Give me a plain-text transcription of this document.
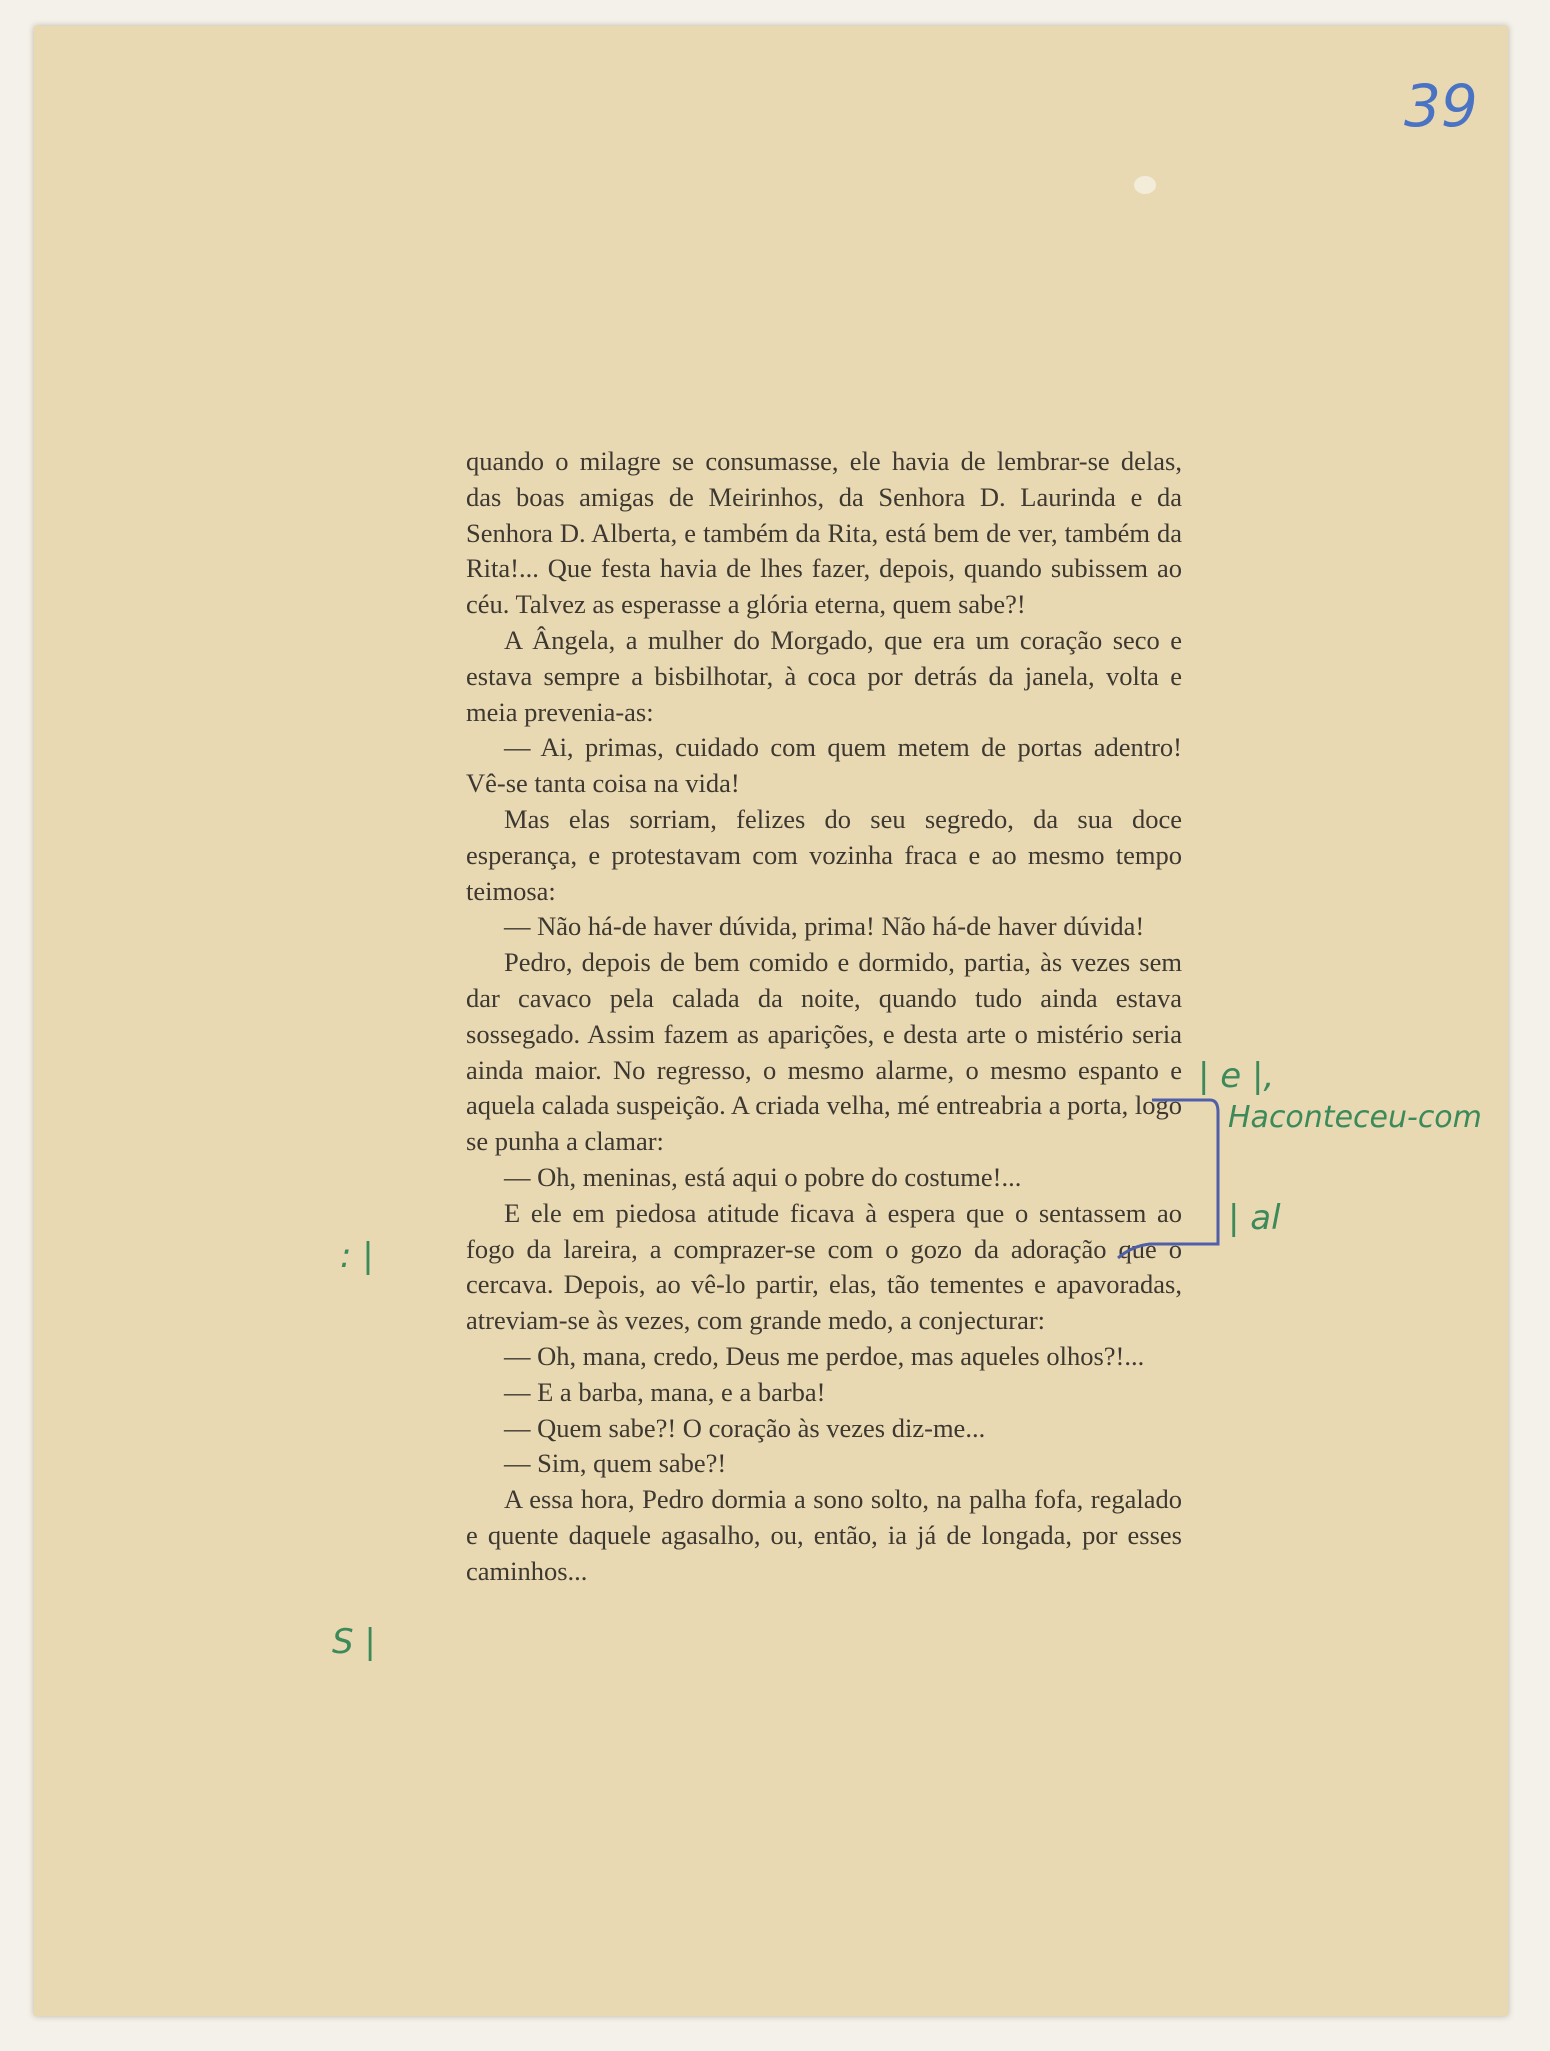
39

quando o milagre se consumasse, ele havia de lembrar-se delas, das boas amigas de Meirinhos, da Senhora D. Laurinda e da Senhora D. Alberta, e também da Rita, está bem de ver, também da Rita!... Que festa havia de lhes fazer, depois, quando subissem ao céu. Talvez as esperasse a glória eterna, quem sabe?!

A Ângela, a mulher do Morgado, que era um coração seco e estava sempre a bisbilhotar, à coca por detrás da janela, volta e meia prevenia-as:

— Ai, primas, cuidado com quem metem de portas adentro! Vê-se tanta coisa na vida!

Mas elas sorriam, felizes do seu segredo, da sua doce esperança, e protestavam com vozinha fraca e ao mesmo tempo teimosa:

— Não há-de haver dúvida, prima! Não há-de haver dúvida!

Pedro, depois de bem comido e dormido, partia, às vezes sem dar cavaco pela calada da noite, quando tudo ainda estava sossegado. Assim fazem as aparições, e desta arte o mistério seria ainda maior. No regresso, o mesmo alarme, o mesmo espanto e aquela calada suspeição. A criada velha, mé entreabria a porta, logo se punha a clamar:

— Oh, meninas, está aqui o pobre do costume!...

E ele em piedosa atitude ficava à espera que o sentassem ao fogo da lareira, a comprazer-se com o gozo da adoração que o cercava. Depois, ao vê-lo partir, elas, tão tementes e apavoradas, atreviam-se às vezes, com grande medo, a conjecturar:

— Oh, mana, credo, Deus me perdoe, mas aqueles olhos?!...

— E a barba, mana, e a barba!

— Quem sabe?! O coração às vezes diz-me...

— Sim, quem sabe?!

A essa hora, Pedro dormia a sono solto, na palha fofa, regalado e quente daquele agasalho, ou, então, ia já de longada, por esses caminhos...

| e |,
Haconteceu-com
| al
: |
S |
